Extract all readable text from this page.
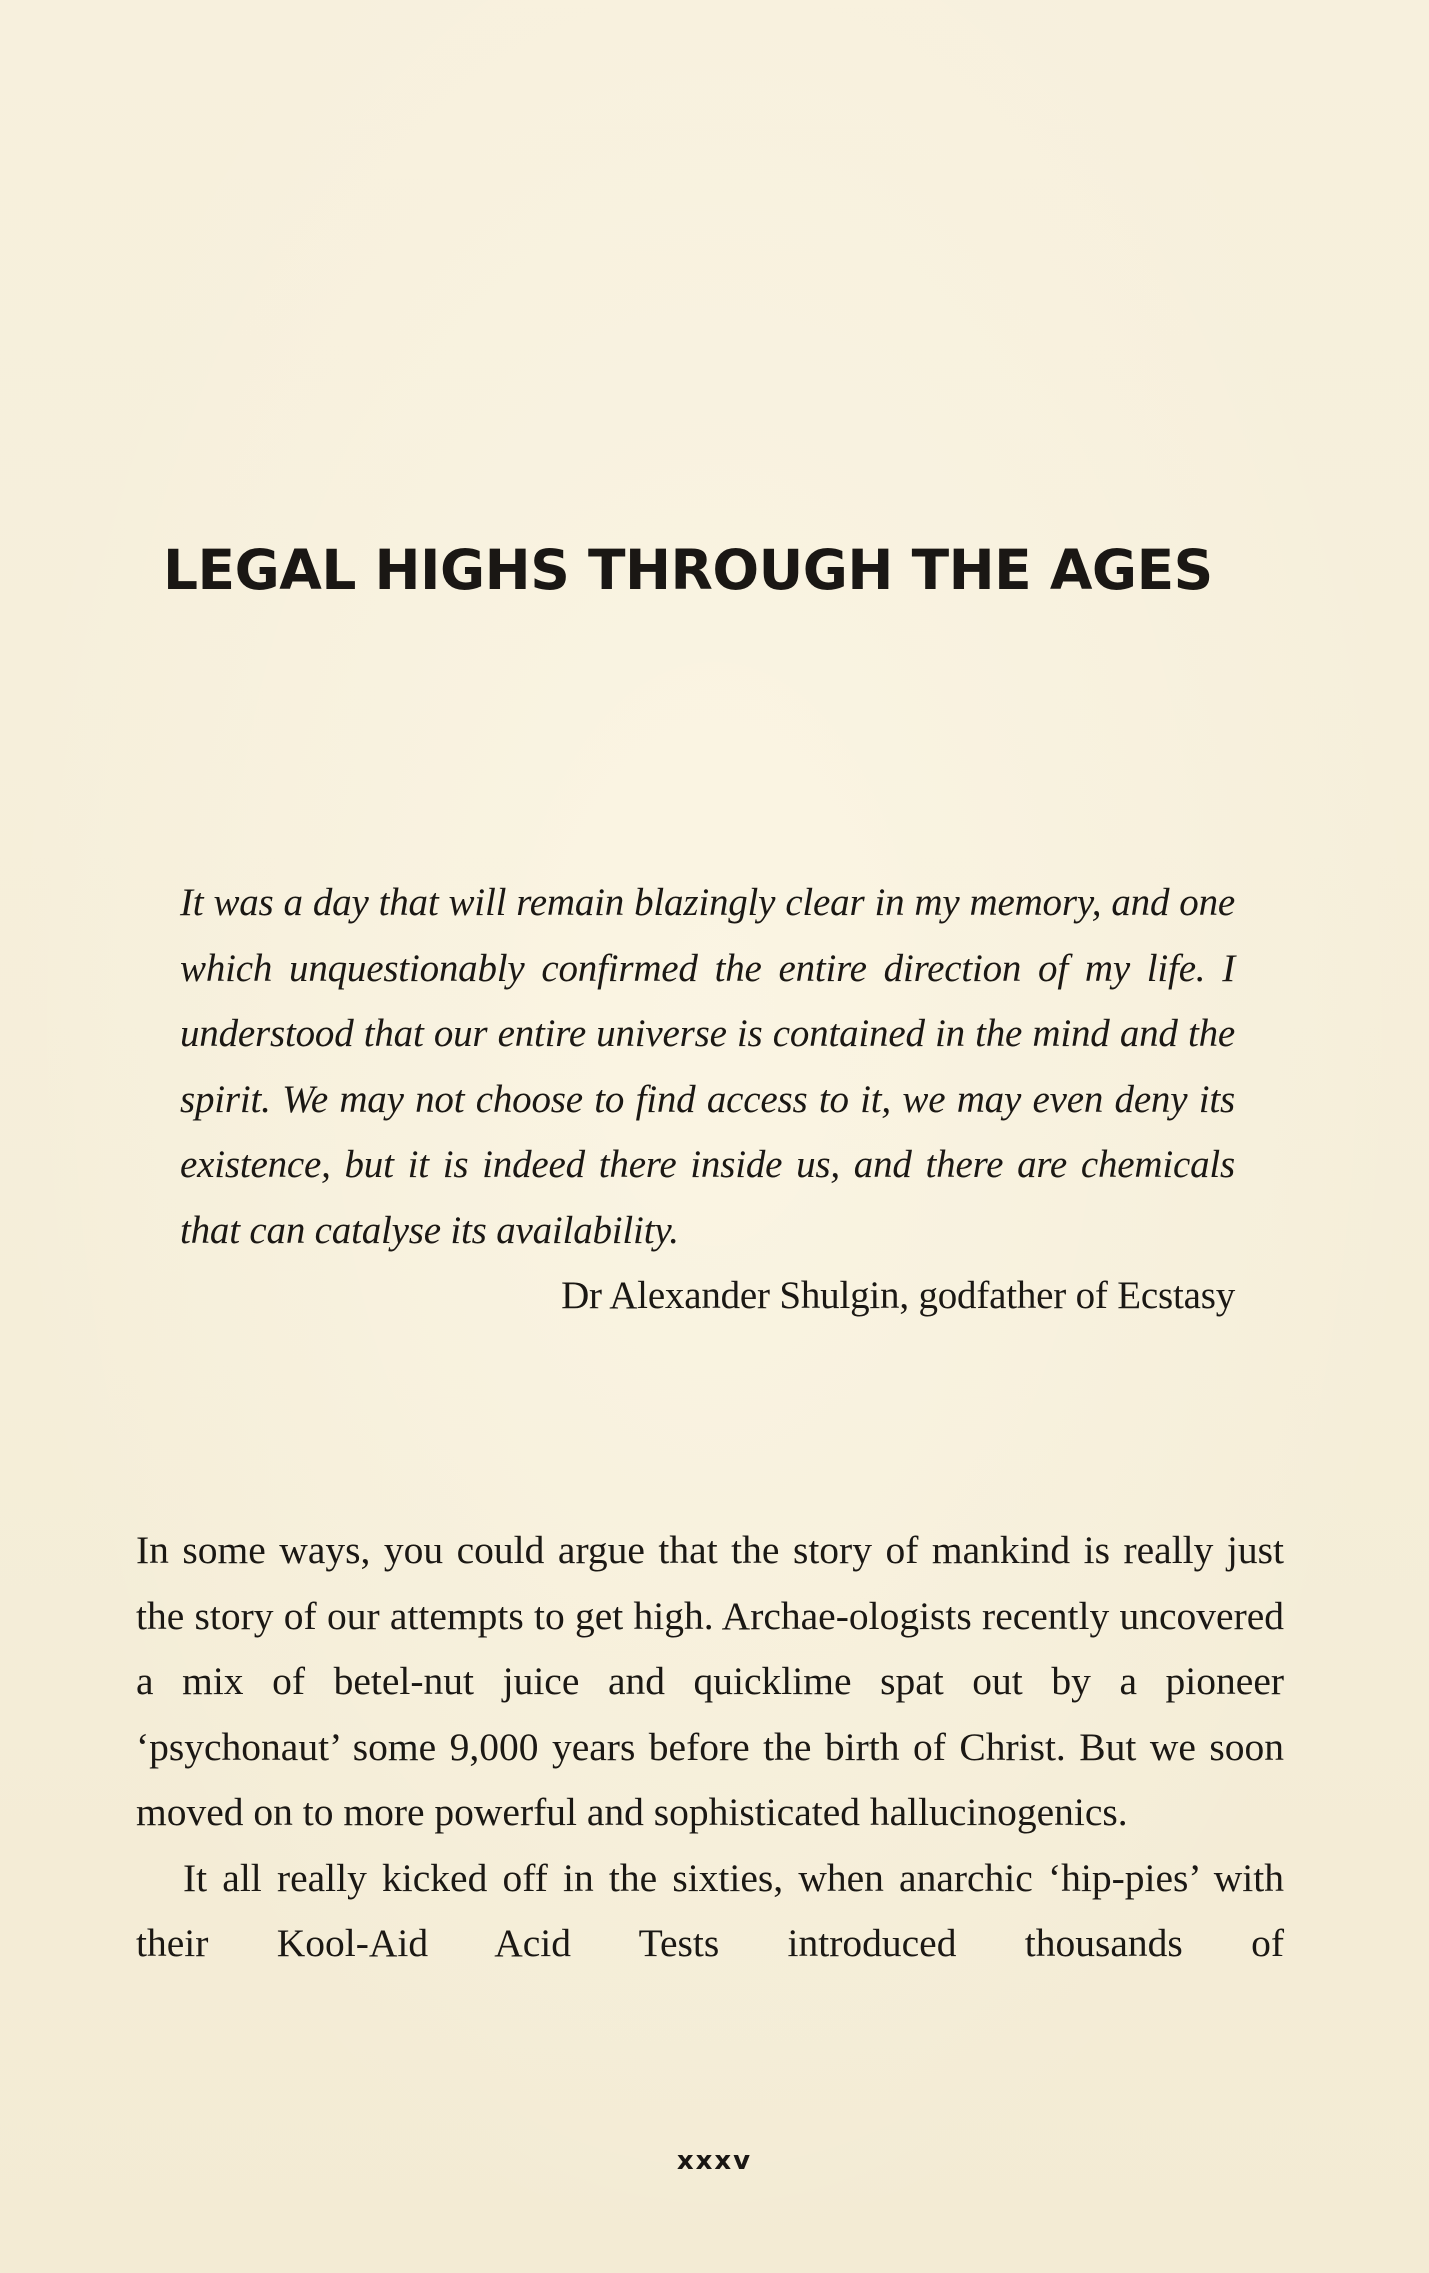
LEGAL HIGHS THROUGH THE AGES

It was a day that will remain blazingly clear in my memory, and one which unquestionably confirmed the entire direction of my life. I understood that our entire universe is contained in the mind and the spirit. We may not choose to find access to it, we may even deny its existence, but it is indeed there inside us, and there are chemicals that can catalyse its availability.

Dr Alexander Shulgin, godfather of Ecstasy

In some ways, you could argue that the story of mankind is really just the story of our attempts to get high. Archae-ologists recently uncovered a mix of betel-nut juice and quicklime spat out by a pioneer ‘psychonaut’ some 9,000 years before the birth of Christ. But we soon moved on to more powerful and sophisticated hallucinogenics.

It all really kicked off in the sixties, when anarchic ‘hip-pies’ with their Kool-Aid Acid Tests introduced thousands of

xxxv
